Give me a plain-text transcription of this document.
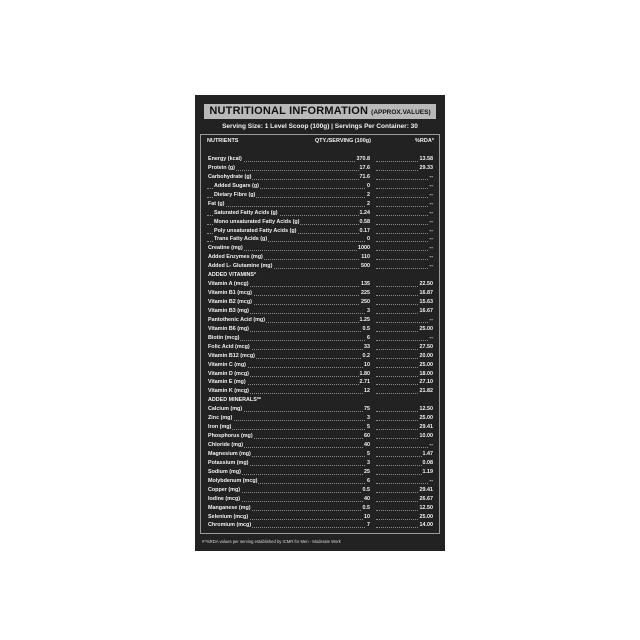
NUTRITIONAL INFORMATION (APPROX.VALUES)
Serving Size: 1 Level Scoop (100g) | Servings Per Container: 30
NUTRIENTS	QTY./SERVING (100g)	%RDA*
Energy (kcal)	370.8	13.58
Protein (g)	17.6	29.33
Carbohydrate (g)	71.6	--
Added Sugars (g)	0	--
Dietary Fibre (g)	2	--
Fat (g)	2	--
Saturated Fatty Acids (g)	1.24	--
Mono unsaturated Fatty Acids (g)	0.58	--
Poly unsaturated Fatty Acids (g)	0.17	--
Trans Fatty Acids (g)	0	--
Creatine (mg)	1000	--
Added Enzymes (mg)	110	--
Added L- Glutamine (mg)	500	--
ADDED VITAMINS*
Vitamin A (mcg)	135	22.50
Vitamin B1 (mcg)	225	16.87
Vitamin B2 (mcg)	250	15.63
Vitamin B3 (mg)	3	16.67
Pantothenic Acid (mg)	1.25	--
Vitamin B6 (mg)	0.5	25.00
Biotin (mcg)	6	--
Folic Acid (mcg)	33	27.50
Vitamin B12 (mcg)	0.2	20.00
Vitamin C (mg)	10	25.00
Vitamin D (mcg)	1.80	18.00
Vitamin E (mg)	2.71	27.10
Vitamin K (mcg)	12	21.82
ADDED MINERALS**
Calcium (mg)	75	12.50
Zinc (mg)	3	25.00
Iron (mg)	5	29.41
Phosphorus (mg)	60	10.00
Chloride (mg)	40	--
Magnesium (mg)	5	1.47
Potassium (mg)	3	0.08
Sodium (mg)	25	1.19
Molybdenum (mcg)	6	--
Copper (mg)	0.5	29.41
Iodine (mcg)	40	26.67
Manganese (mg)	0.5	12.50
Selenium (mcg)	10	25.00
Chromium (mcg)	7	14.00
#*%RDA values per serving established by ICMR for Men - Moderate Work
